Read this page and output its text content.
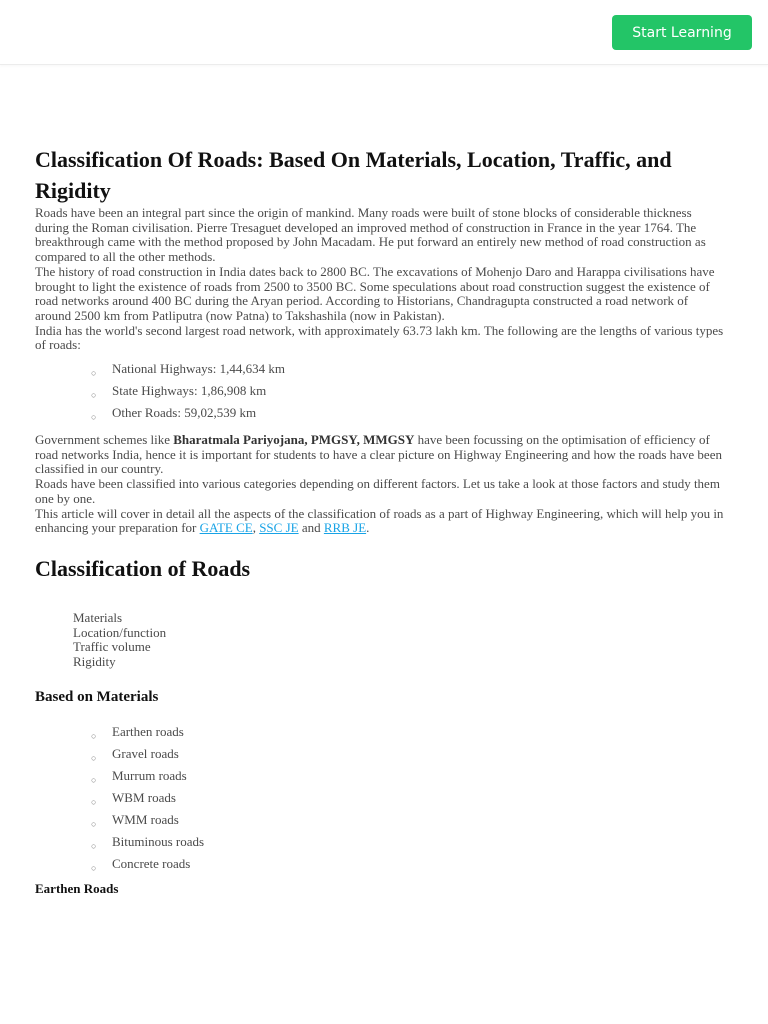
Start Learning
Classification Of Roads: Based On Materials, Location, Traffic, and Rigidity

Roads have been an integral part since the origin of mankind. Many roads were built of stone blocks of considerable thickness during the Roman civilisation. Pierre Tresaguet developed an improved method of construction in France in the year 1764. The breakthrough came with the method proposed by John Macadam. He put forward an entirely new method of road construction as compared to all the other methods.

The history of road construction in India dates back to 2800 BC. The excavations of Mohenjo Daro and Harappa civilisations have brought to light the existence of roads from 2500 to 3500 BC. Some speculations about road construction suggest the existence of road networks around 400 BC during the Aryan period. According to Historians, Chandragupta constructed a road network of around 2500 km from Patliputra (now Patna) to Takshashila (now in Pakistan).

India has the world's second largest road network, with approximately 63.73 lakh km. The following are the lengths of various types of roads:

○ National Highways: 1,44,634 km
○ State Highways: 1,86,908 km
○ Other Roads: 59,02,539 km

Government schemes like Bharatmala Pariyojana, PMGSY, MMGSY have been focussing on the optimisation of efficiency of road networks India, hence it is important for students to have a clear picture on Highway Engineering and how the roads have been classified in our country.

Roads have been classified into various categories depending on different factors. Let us take a look at those factors and study them one by one.

This article will cover in detail all the aspects of the classification of roads as a part of Highway Engineering, which will help you in enhancing your preparation for GATE CE, SSC JE and RRB JE.

Classification of Roads
Materials
Location/function
Traffic volume
Rigidity
Based on Materials
○ Earthen roads
○ Gravel roads
○ Murrum roads
○ WBM roads
○ WMM roads
○ Bituminous roads
○ Concrete roads
Earthen Roads
